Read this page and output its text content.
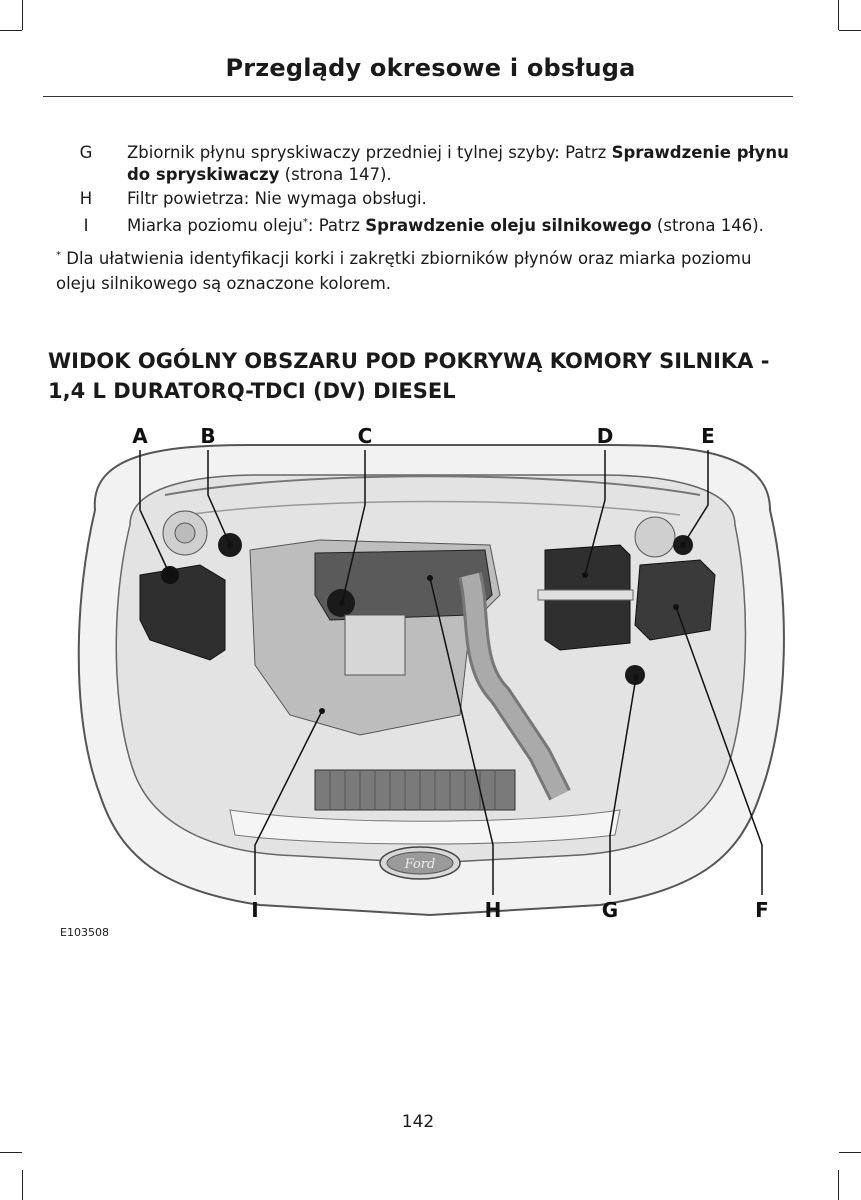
Przeglądy okresowe i obsługa
G	Zbiornik płynu spryskiwaczy przedniej i tylnej szyby: Patrz Sprawdzenie płynu do spryskiwaczy (strona 147).
H	Filtr powietrza: Nie wymaga obsługi.
I	Miarka poziomu oleju*: Patrz Sprawdzenie oleju silnikowego (strona 146).
* Dla ułatwienia identyfikacji korki i zakrętki zbiorników płynów oraz miarka poziomu oleju silnikowego są oznaczone kolorem.
WIDOK OGÓLNY OBSZARU POD POKRYWĄ KOMORY SILNIKA -
1,4 L DURATORQ-TDCI (DV) DIESEL
Ford
A	B	C	D	E
I	H	G	F
E103508
142
